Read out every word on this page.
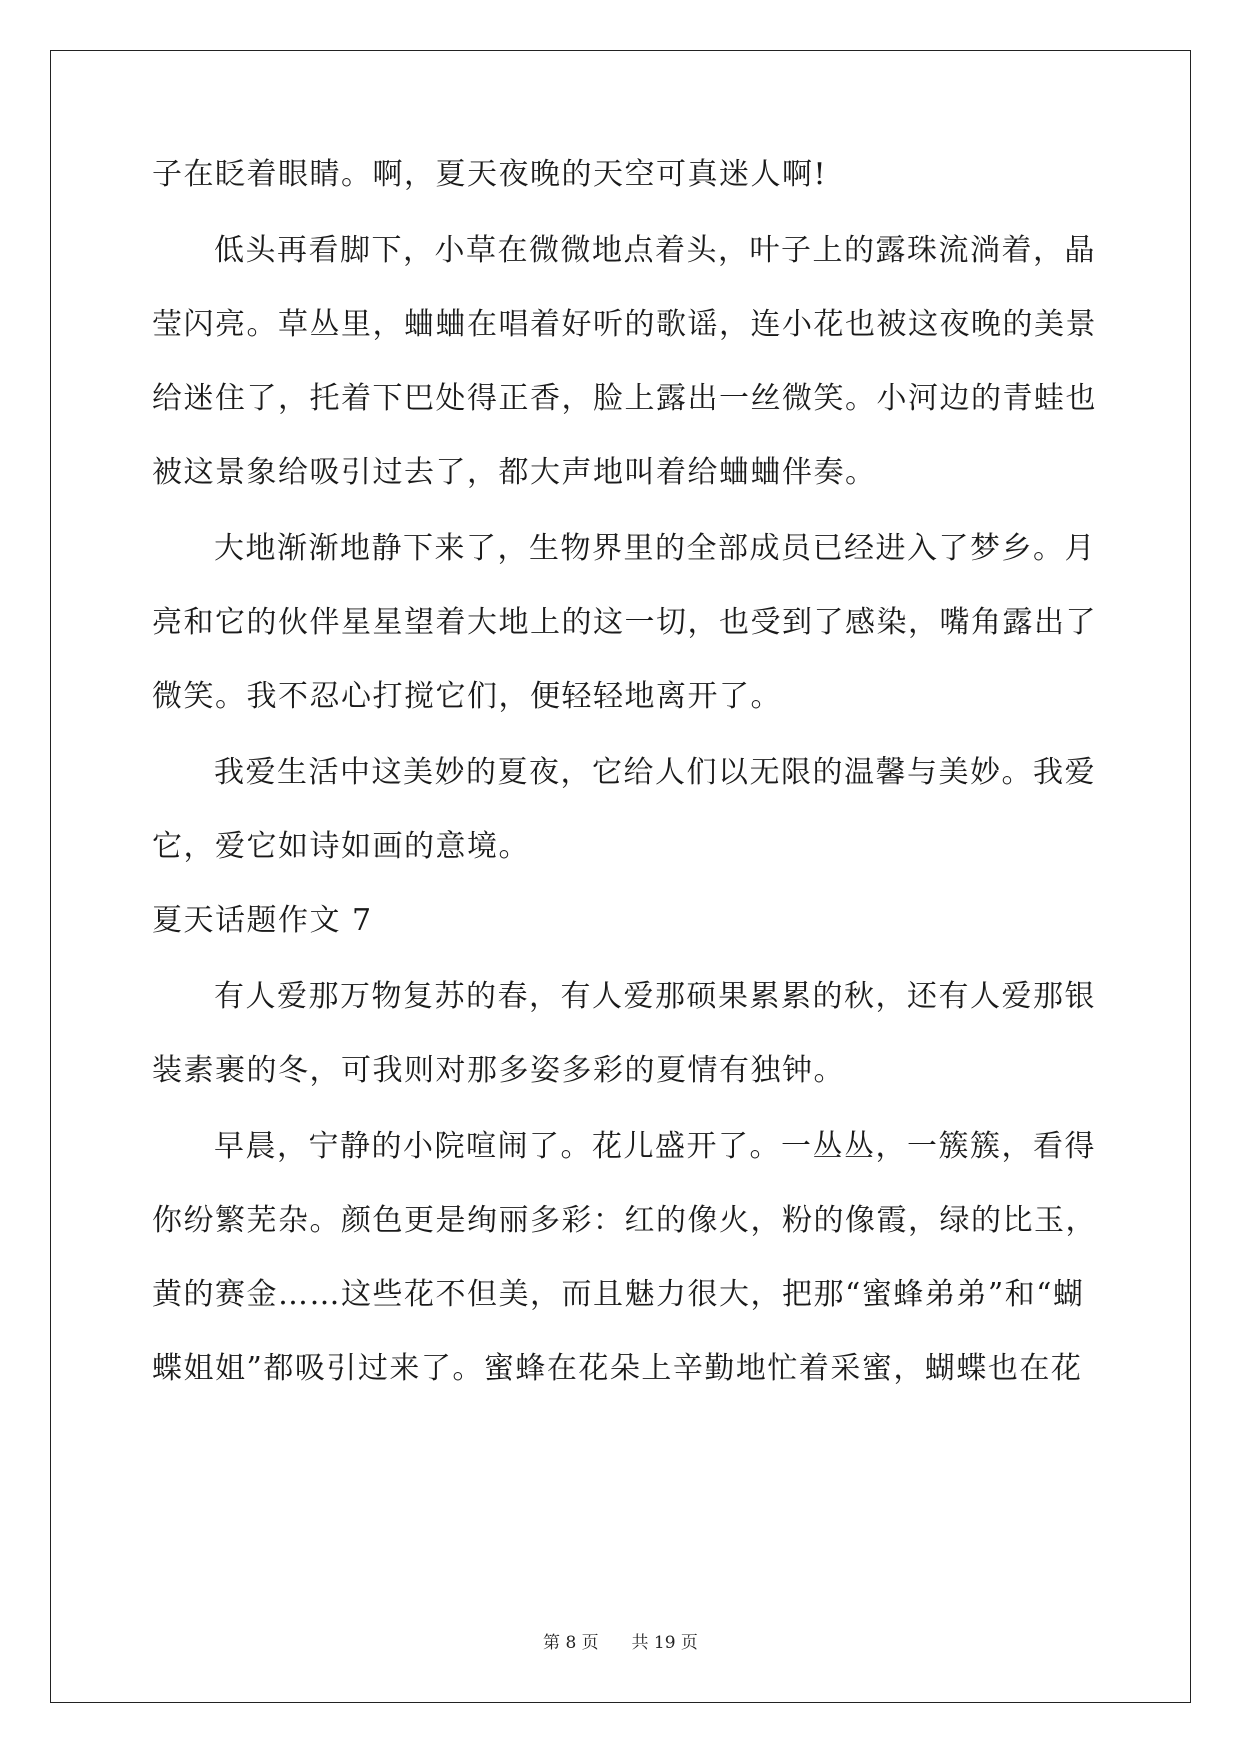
子在眨着眼睛。啊，夏天夜晚的天空可真迷人啊!
低头再看脚下，小草在微微地点着头，叶子上的露珠流淌着，晶
莹闪亮。草丛里，蛐蛐在唱着好听的歌谣，连小花也被这夜晚的美景
给迷住了，托着下巴处得正香，脸上露出一丝微笑。小河边的青蛙也
被这景象给吸引过去了，都大声地叫着给蛐蛐伴奏。
大地渐渐地静下来了，生物界里的全部成员已经进入了梦乡。月
亮和它的伙伴星星望着大地上的这一切，也受到了感染，嘴角露出了
微笑。我不忍心打搅它们，便轻轻地离开了。
我爱生活中这美妙的夏夜，它给人们以无限的温馨与美妙。我爱
它，爱它如诗如画的意境。
夏天话题作文 7
有人爱那万物复苏的春，有人爱那硕果累累的秋，还有人爱那银
装素裹的冬，可我则对那多姿多彩的夏情有独钟。
早晨，宁静的小院喧闹了。花儿盛开了。一丛丛，一簇簇，看得
你纷繁芜杂。颜色更是绚丽多彩：红的像火，粉的像霞，绿的比玉，
黄的赛金……这些花不但美，而且魅力很大，把那“蜜蜂弟弟”和“蝴
蝶姐姐”都吸引过来了。蜜蜂在花朵上辛勤地忙着采蜜，蝴蝶也在花
第 8 页 共 19 页
